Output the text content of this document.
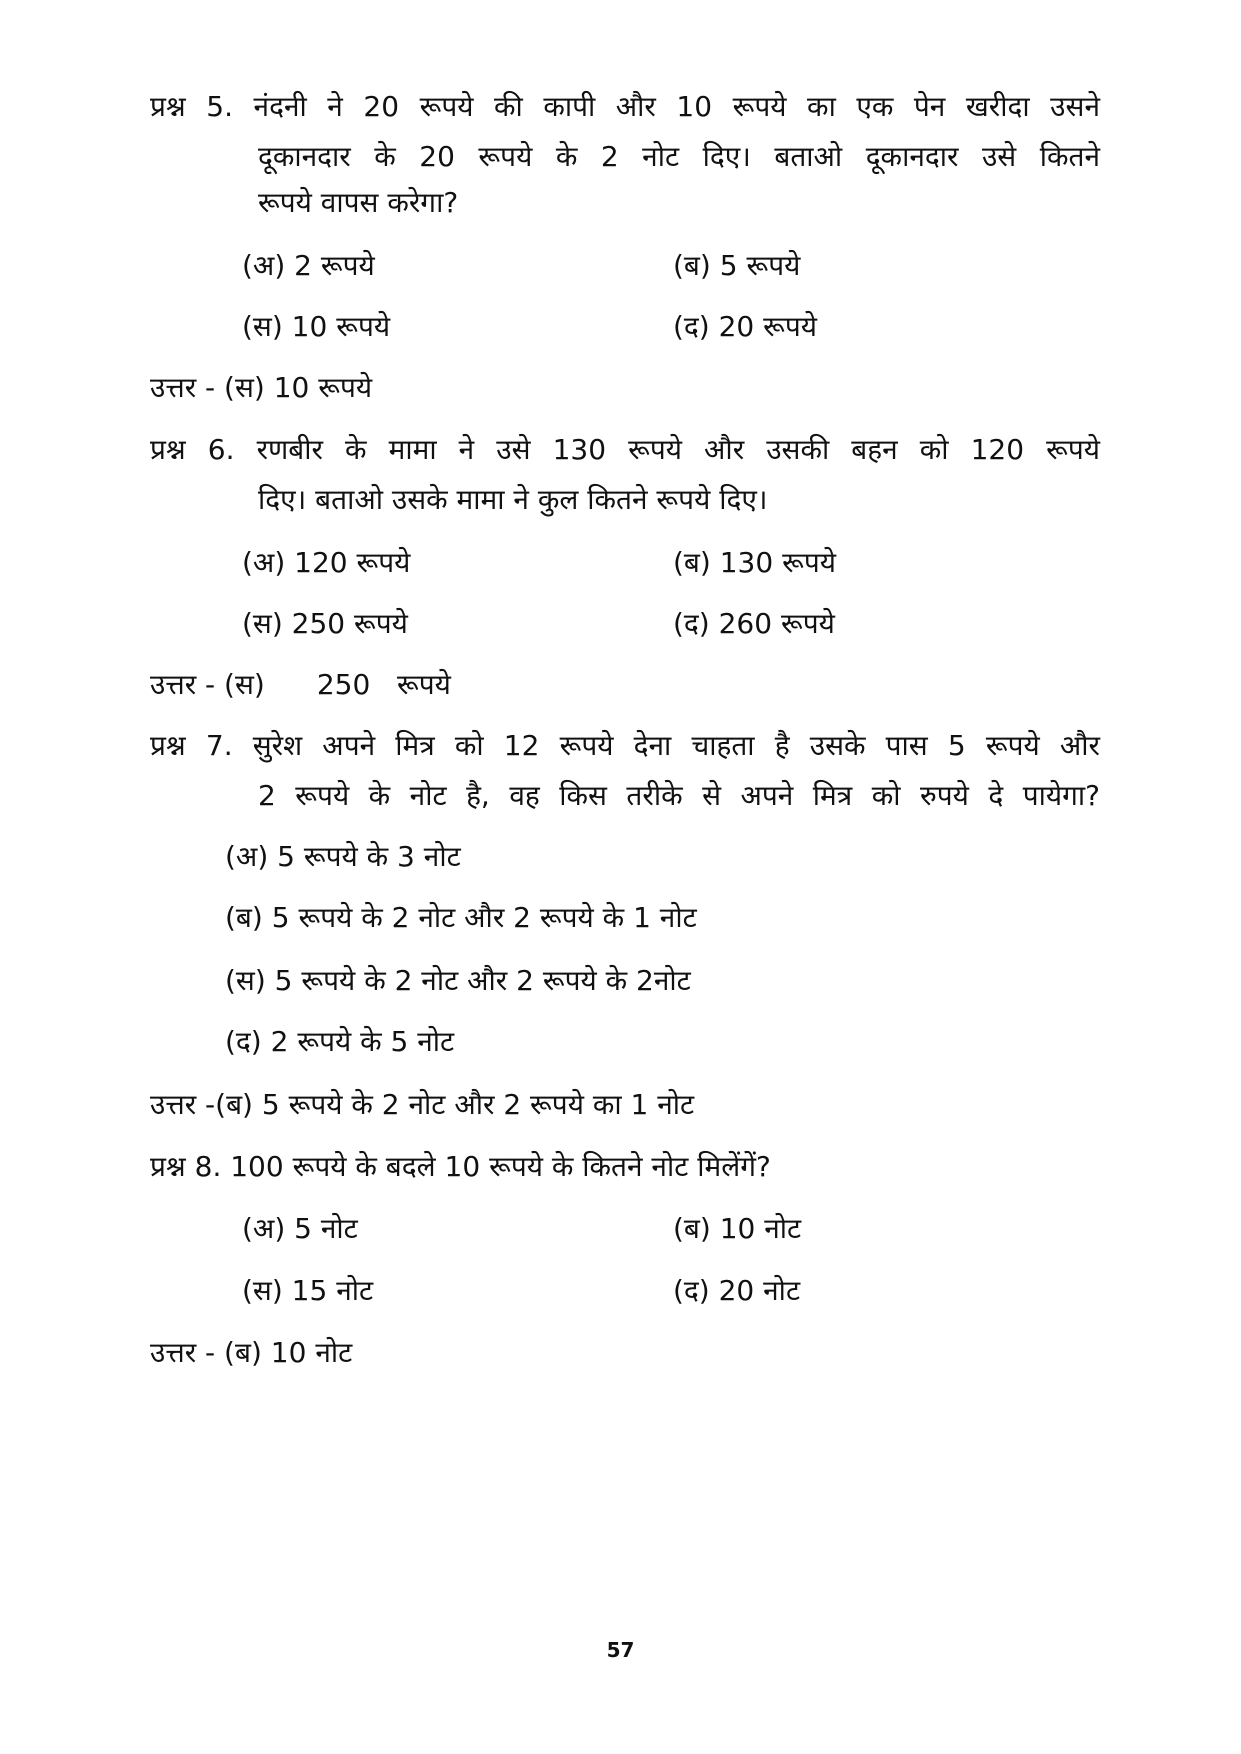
प्रश्न 5. नंदनी ने 20 रूपये की कापी और 10 रूपये का एक पेन खरीदा उसने
दूकानदार के 20 रूपये के 2 नोट दिए। बताओ दूकानदार उसे कितने
रूपये वापस करेगा?
(अ) 2 रूपये	(ब) 5 रूपये
(स) 10 रूपये	(द) 20 रूपये
उत्तर - (स) 10 रूपये
प्रश्न 6. रणबीर के मामा ने उसे 130 रूपये और उसकी बहन को 120 रूपये
दिए। बताओ उसके मामा ने कुल कितने रूपये दिए।
(अ) 120 रूपये	(ब) 130 रूपये
(स) 250 रूपये	(द) 260 रूपये
उत्तर - (स) 250 रूपये
प्रश्न 7. सुरेश अपने मित्र को 12 रूपये देना चाहता है उसके पास 5 रूपये और
2 रूपये के नोट है, वह किस तरीके से अपने मित्र को रुपये दे पायेगा?
(अ) 5 रूपये के 3 नोट
(ब) 5 रूपये के 2 नोट और 2 रूपये के 1 नोट
(स) 5 रूपये के 2 नोट और 2 रूपये के 2नोट
(द) 2 रूपये के 5 नोट
उत्तर -(ब) 5 रूपये के 2 नोट और 2 रूपये का 1 नोट
प्रश्न 8. 100 रूपये के बदले 10 रूपये के कितने नोट मिलेंगें?
(अ) 5 नोट	(ब) 10 नोट
(स) 15 नोट	(द) 20 नोट
उत्तर - (ब) 10 नोट
57
